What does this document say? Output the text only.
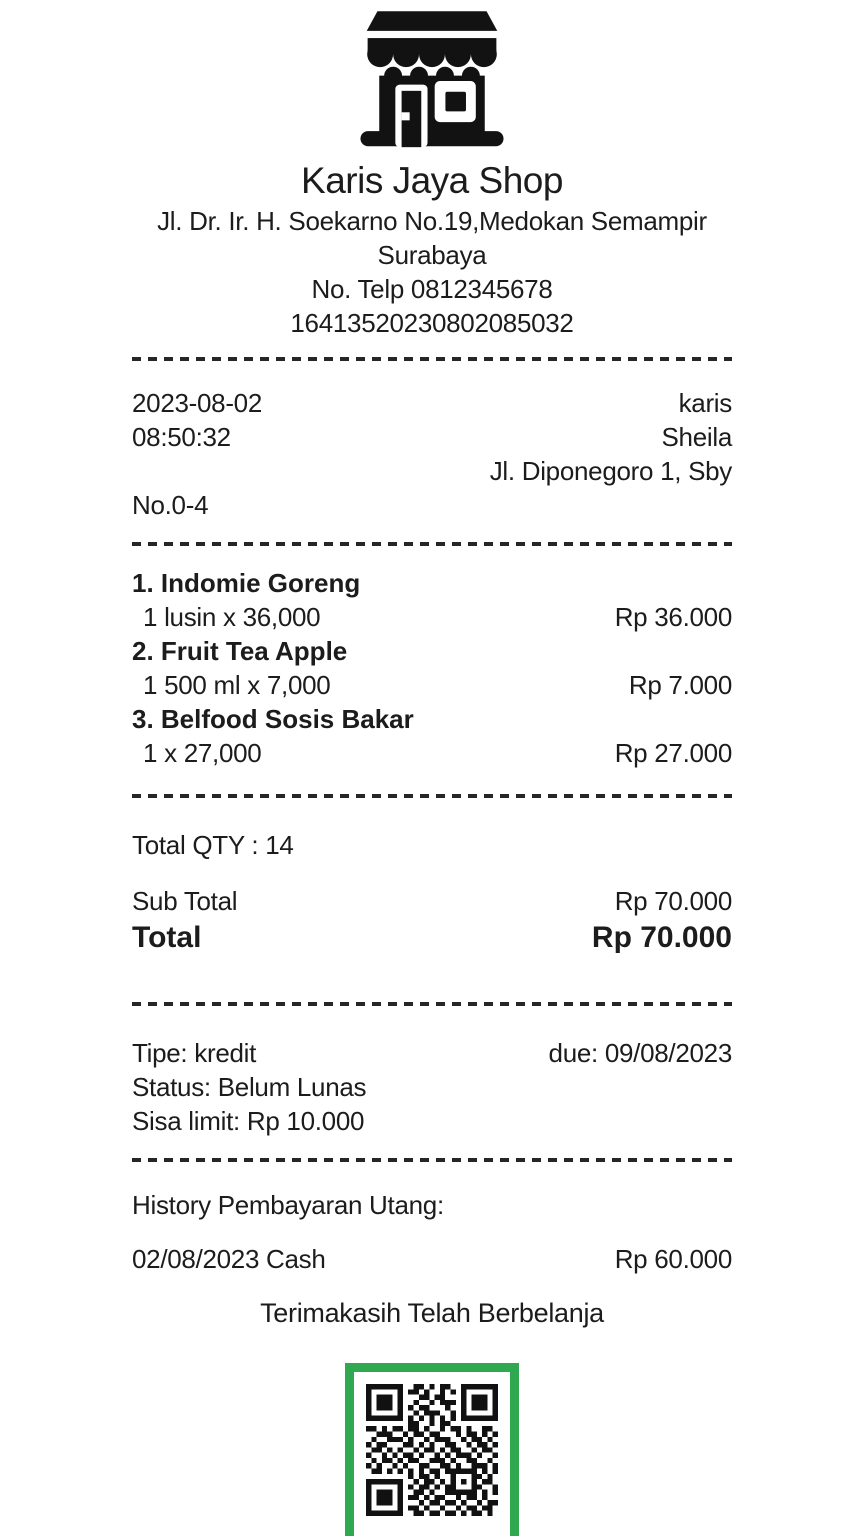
Karis Jaya Shop
Jl. Dr. Ir. H. Soekarno No.19,Medokan Semampir
Surabaya
No. Telp 0812345678
16413520230802085032
2023-08-02	karis
08:50:32	Sheila
Jl. Diponegoro 1, Sby
No.0-4
1. Indomie Goreng
1 lusin x 36,000	Rp 36.000
2. Fruit Tea Apple
1 500 ml x 7,000	Rp 7.000
3. Belfood Sosis Bakar
1 x 27,000	Rp 27.000
Total QTY : 14
Sub Total	Rp 70.000
Total	Rp 70.000
Tipe: kredit	due: 09/08/2023
Status: Belum Lunas
Sisa limit: Rp 10.000
History Pembayaran Utang:
02/08/2023 Cash	Rp 60.000
Terimakasih Telah Berbelanja
